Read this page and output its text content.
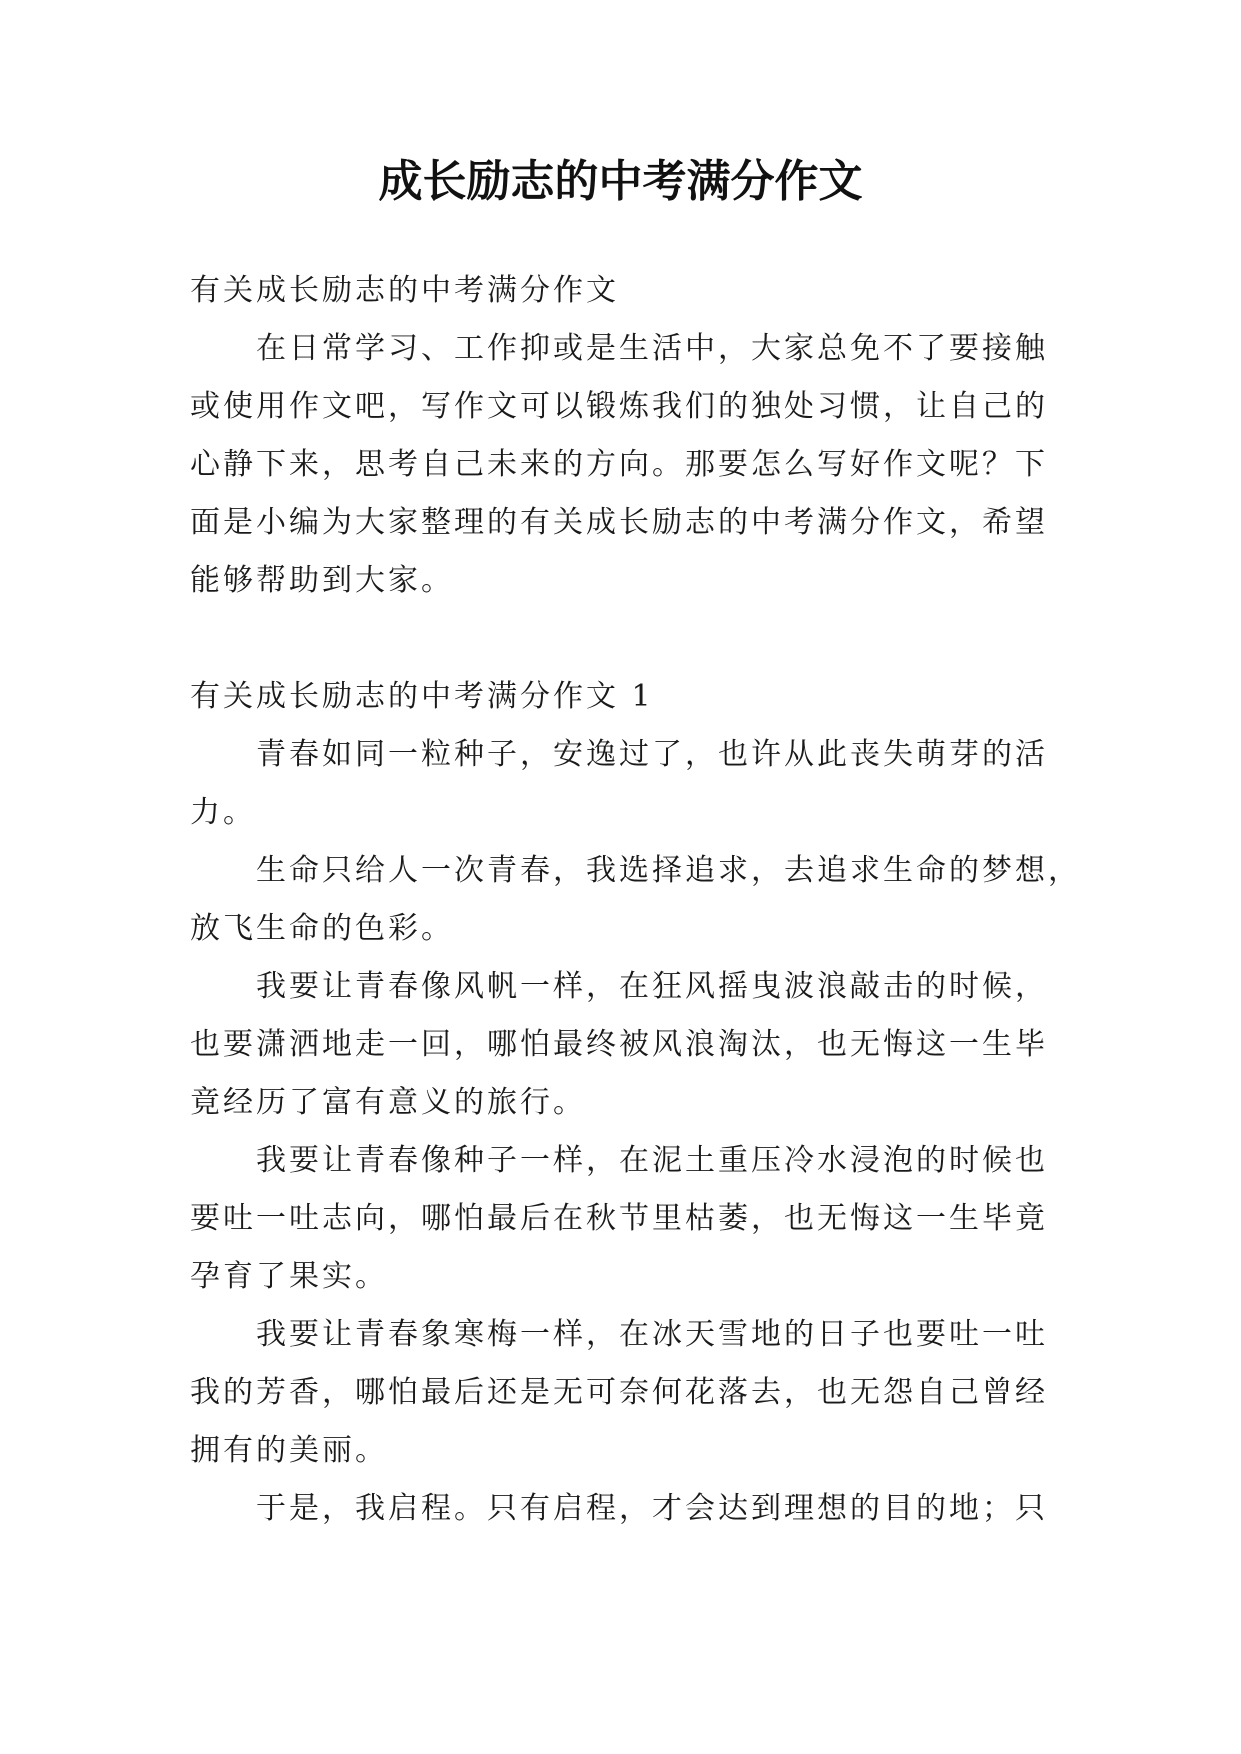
成长励志的中考满分作文

有关成长励志的中考满分作文

在日常学习、工作抑或是生活中，大家总免不了要接触

或使用作文吧，写作文可以锻炼我们的独处习惯，让自己的

心静下来，思考自己未来的方向。那要怎么写好作文呢？下

面是小编为大家整理的有关成长励志的中考满分作文，希望

能够帮助到大家。

有关成长励志的中考满分作文 1

青春如同一粒种子，安逸过了，也许从此丧失萌芽的活

力。

生命只给人一次青春，我选择追求，去追求生命的梦想，

放飞生命的色彩。

我要让青春像风帆一样，在狂风摇曳波浪敲击的时候，

也要潇洒地走一回，哪怕最终被风浪淘汰，也无悔这一生毕

竟经历了富有意义的旅行。

我要让青春像种子一样，在泥土重压冷水浸泡的时候也

要吐一吐志向，哪怕最后在秋节里枯萎，也无悔这一生毕竟

孕育了果实。

我要让青春象寒梅一样，在冰天雪地的日子也要吐一吐

我的芳香，哪怕最后还是无可奈何花落去，也无怨自己曾经

拥有的美丽。

于是，我启程。只有启程，才会达到理想的目的地；只
